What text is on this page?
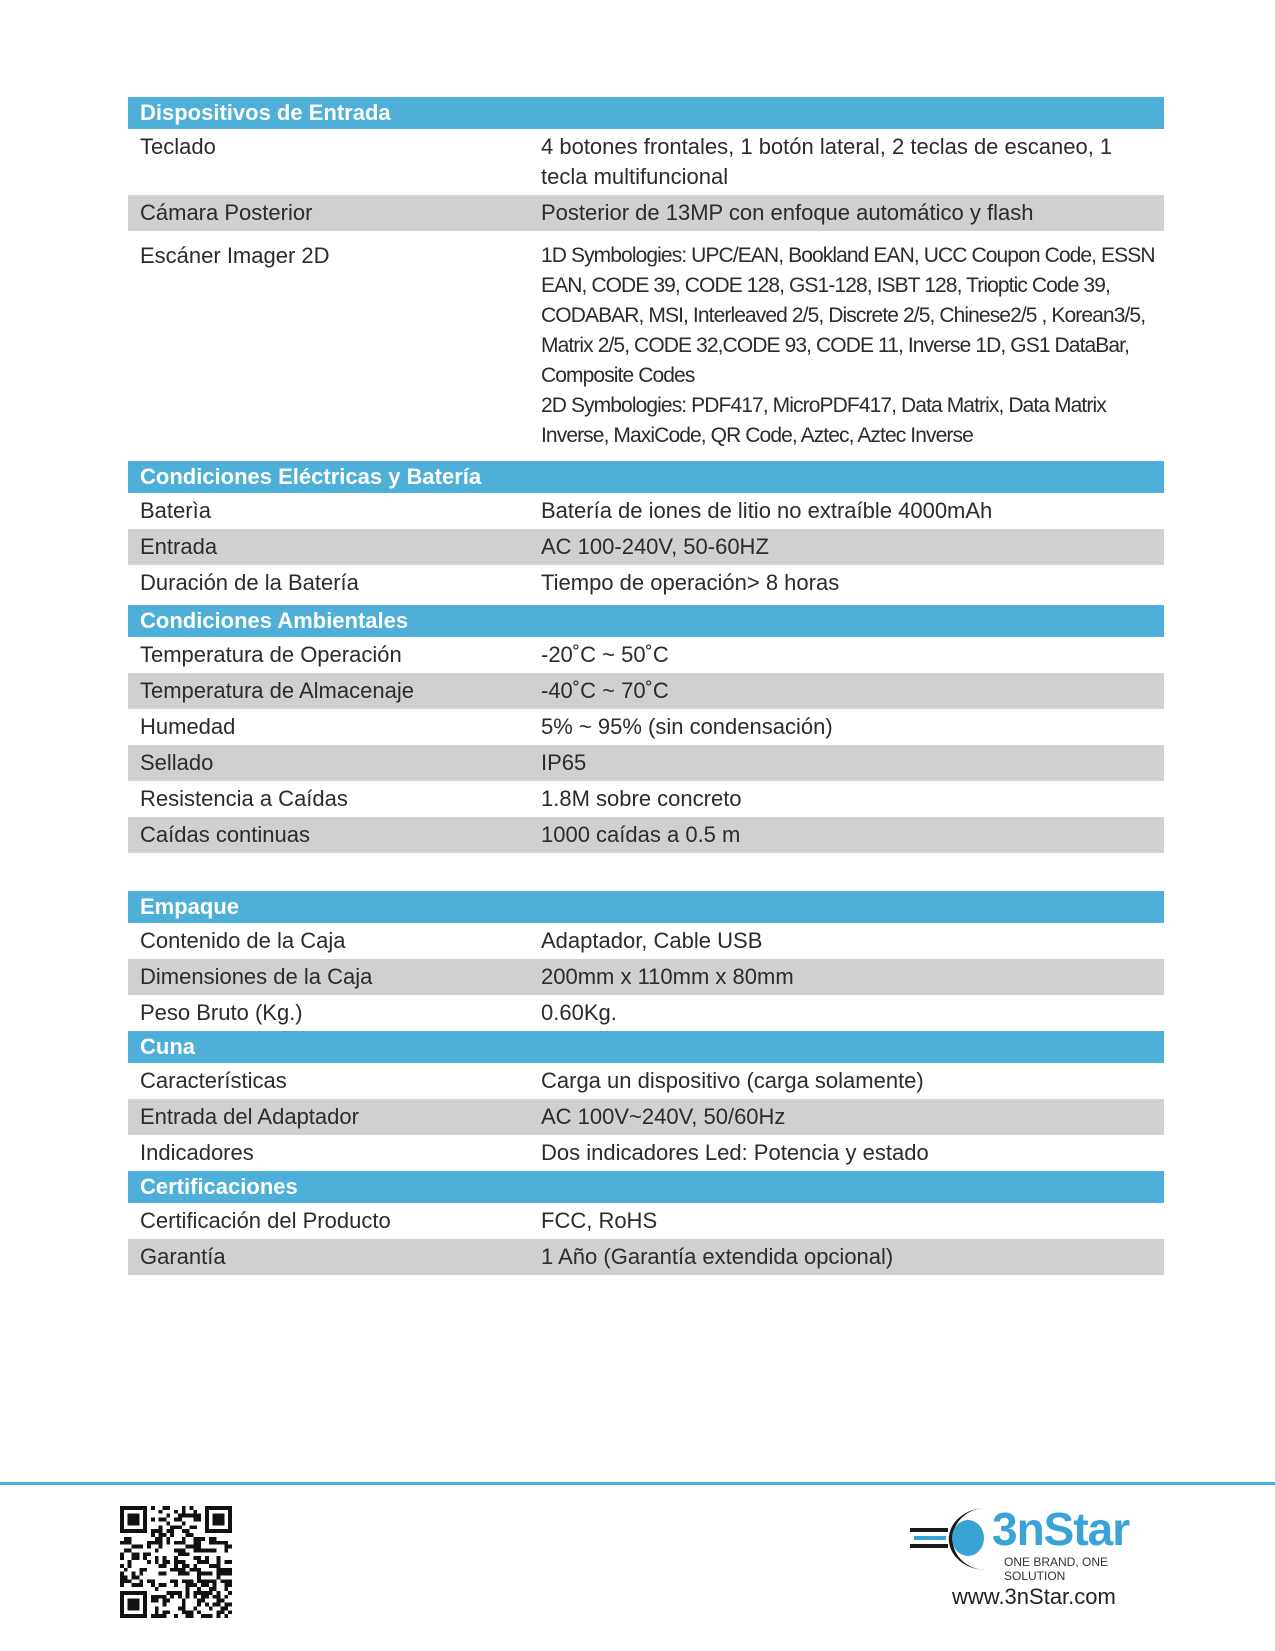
Dispositivos de Entrada
Teclado	4 botones frontales, 1 botón lateral, 2 teclas de escaneo, 1 tecla multifuncional
Cámara Posterior	Posterior de 13MP con enfoque automático y flash
Escáner Imager 2D	1D Symbologies: UPC/EAN, Bookland EAN, UCC Coupon Code, ESSN EAN, CODE 39, CODE 128, GS1-128, ISBT 128, Trioptic Code 39, CODABAR, MSI, Interleaved 2/5, Discrete 2/5, Chinese2/5 , Korean3/5, Matrix 2/5, CODE 32,CODE 93, CODE 11, Inverse 1D, GS1 DataBar, Composite Codes
2D Symbologies: PDF417, MicroPDF417, Data Matrix, Data Matrix Inverse, MaxiCode, QR Code, Aztec, Aztec Inverse
Condiciones Eléctricas y Batería
Baterìa	Batería de iones de litio no extraíble 4000mAh
Entrada	AC 100-240V, 50-60HZ
Duración de la Batería	Tiempo de operación> 8 horas
Condiciones Ambientales
Temperatura de Operación	-20˚C ~ 50˚C
Temperatura de Almacenaje	-40˚C ~ 70˚C
Humedad	5% ~ 95% (sin condensación)
Sellado	IP65
Resistencia a Caídas	1.8M sobre concreto
Caídas continuas	1000 caídas a 0.5 m
Empaque
Contenido de la Caja	Adaptador, Cable USB
Dimensiones de la Caja	200mm x 110mm x 80mm
Peso Bruto (Kg.)	0.60Kg.
Cuna
Características	Carga un dispositivo (carga solamente)
Entrada del Adaptador	AC 100V~240V, 50/60Hz
Indicadores	Dos indicadores Led: Potencia y estado
Certificaciones
Certificación del Producto	FCC, RoHS
Garantía	1 Año (Garantía extendida opcional)
3nStar
ONE BRAND, ONE SOLUTION
www.3nStar.com
